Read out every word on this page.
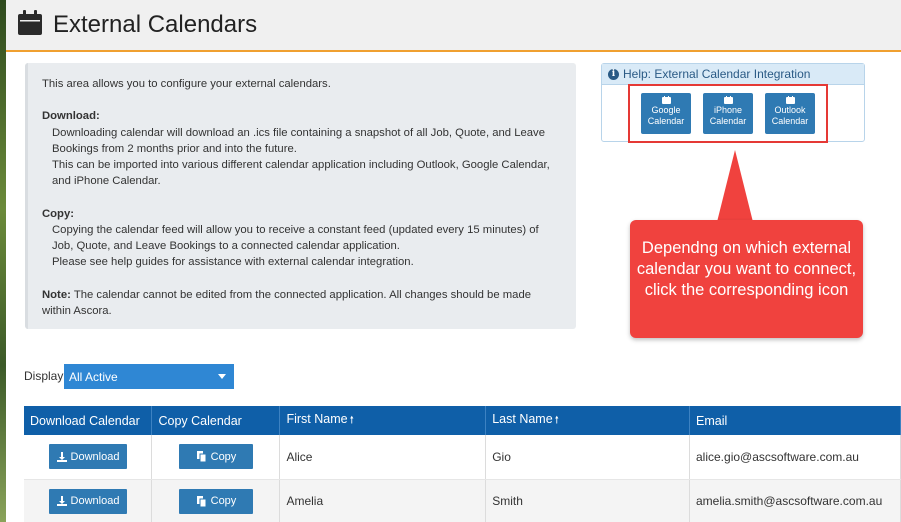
External Calendars

This area allows you to configure your external calendars.

Download:

Downloading calendar will download an .ics file containing a snapshot of all Job, Quote, and Leave Bookings from 2 months prior and into the future.

This can be imported into various different calendar application including Outlook, Google Calendar, and iPhone Calendar.

Copy:

Copying the calendar feed will allow you to receive a constant feed (updated every 15 minutes) of Job, Quote, and Leave Bookings to a connected calendar application.

Please see help guides for assistance with external calendar integration.

Note: The calendar cannot be edited from the connected application. All changes should be made within Ascora.

i Help: External Calendar Integration
Google
Calendar
iPhone
Calendar
Outlook
Calendar
Dependng on which external calendar you want to connect, click the corresponding icon
Display All Active
Download Calendar	Copy Calendar	First Name 🠕	Last Name 🠕	Email

Download	Copy	Alice	Gio	alice.gio@ascsoftware.com.au

Download	Copy	Amelia	Smith	amelia.smith@ascsoftware.com.au
